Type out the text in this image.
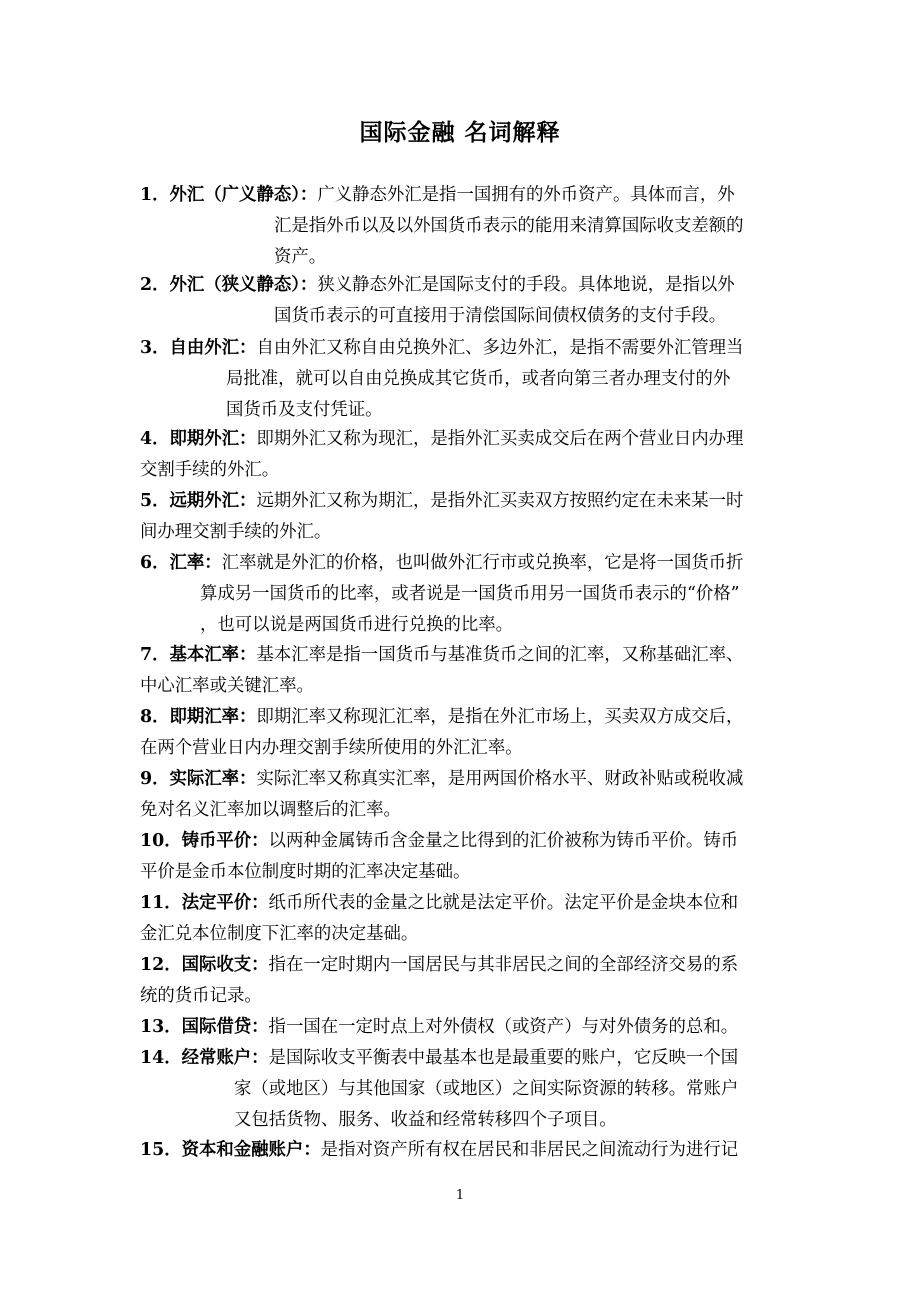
国际金融 名词解释
1．外汇（广义静态）：广义静态外汇是指一国拥有的外币资产。具体而言，外
汇是指外币以及以外国货币表示的能用来清算国际收支差额的
资产。
2．外汇（狭义静态）：狭义静态外汇是国际支付的手段。具体地说，是指以外
国货币表示的可直接用于清偿国际间债权债务的支付手段。
3．自由外汇：自由外汇又称自由兑换外汇、多边外汇，是指不需要外汇管理当
局批准，就可以自由兑换成其它货币，或者向第三者办理支付的外
国货币及支付凭证。
4．即期外汇：即期外汇又称为现汇，是指外汇买卖成交后在两个营业日内办理
交割手续的外汇。
5．远期外汇：远期外汇又称为期汇，是指外汇买卖双方按照约定在未来某一时
间办理交割手续的外汇。
6．汇率：汇率就是外汇的价格，也叫做外汇行市或兑换率，它是将一国货币折
算成另一国货币的比率，或者说是一国货币用另一国货币表示的“价格”
，也可以说是两国货币进行兑换的比率。
7．基本汇率：基本汇率是指一国货币与基准货币之间的汇率，又称基础汇率、
中心汇率或关键汇率。
8．即期汇率：即期汇率又称现汇汇率，是指在外汇市场上，买卖双方成交后，
在两个营业日内办理交割手续所使用的外汇汇率。
9．实际汇率：实际汇率又称真实汇率，是用两国价格水平、财政补贴或税收减
免对名义汇率加以调整后的汇率。
10．铸币平价：以两种金属铸币含金量之比得到的汇价被称为铸币平价。铸币
平价是金币本位制度时期的汇率决定基础。
11．法定平价：纸币所代表的金量之比就是法定平价。法定平价是金块本位和
金汇兑本位制度下汇率的决定基础。
12．国际收支：指在一定时期内一国居民与其非居民之间的全部经济交易的系
统的货币记录。
13．国际借贷：指一国在一定时点上对外债权（或资产）与对外债务的总和。
14．经常账户：是国际收支平衡表中最基本也是最重要的账户，它反映一个国
家（或地区）与其他国家（或地区）之间实际资源的转移。常账户
又包括货物、服务、收益和经常转移四个子项目。
15．资本和金融账户：是指对资产所有权在居民和非居民之间流动行为进行记
1
